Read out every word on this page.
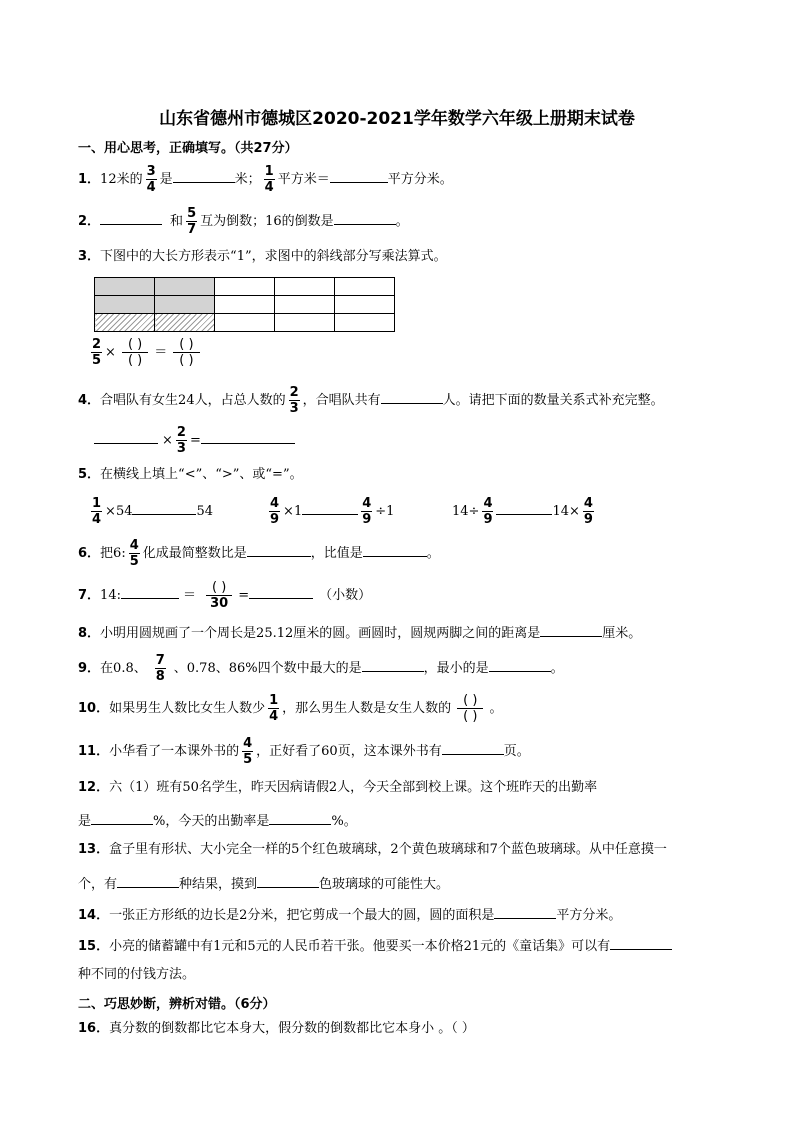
山东省德州市德城区2020-2021学年数学六年级上册期末试卷
一、用心思考，正确填写。（共27分）
1．12米的 $\frac{3}{4}$ 是	米； $\frac{1}{4}$ 平方米＝	平方分米。
2．	和 $\frac{5}{7}$ 互为倒数；16的倒数是	。
3．下图中的大长方形表示“1”，求图中的斜线部分写乘法算式。

$\frac{2}{5} \times \frac{( )}{( )} = \frac{( )}{( )}$
4．合唱队有女生24人，占总人数的 $\frac{2}{3}$ ，合唱队共有	人。请把下面的数量关系式补充完整。
× $\frac{2}{3}$ =
5．在横线上填上“<”、“>”、或“=”。
$\frac{1}{4} \times 54$	54	$\frac{4}{9} \times 1$	$\frac{4}{9} \div 1$	$14\div \frac{4}{9}$	$14\times \frac{4}{9}$
6．把6: $\frac{4}{5}$ 化成最简整数比是	，比值是	。
7．14:	＝ $\frac{( )}{30}$ =	（小数）
8．小明用圆规画了一个周长是25.12厘米的圆。画圆时，圆规两脚之间的距离是	厘米。
9．在0.8、 $\frac{7}{8}$ 、0.78、86%四个数中最大的是	，最小的是	。
10．如果男生人数比女生人数少 $\frac{1}{4}$ ，那么男生人数是女生人数的 $\frac{( )}{( )}$ 。
11．小华看了一本课外书的 $\frac{4}{5}$ ，正好看了60页，这本课外书有	页。
12．六（1）班有50名学生，昨天因病请假2人，今天全部到校上课。这个班昨天的出勤率
是	%，今天的出勤率是	%。
13．盒子里有形状、大小完全一样的5个红色玻璃球，2个黄色玻璃球和7个蓝色玻璃球。从中任意摸一
个，有	种结果，摸到	色玻璃球的可能性大。
14．一张正方形纸的边长是2分米，把它剪成一个最大的圆，圆的面积是	平方分米。
15．小亮的储蓄罐中有1元和5元的人民币若干张。他要买一本价格21元的《童话集》可以有
种不同的付钱方法。
二、巧思妙断，辨析对错。（6分）
16．真分数的倒数都比它本身大，假分数的倒数都比它本身小 。（ ）
